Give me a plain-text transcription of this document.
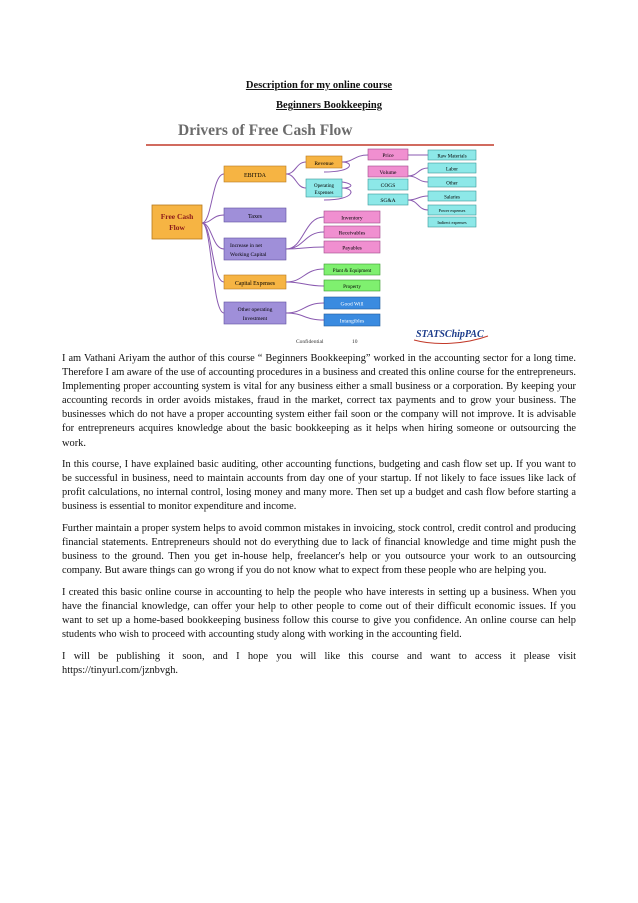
Description for my online course
Beginners Bookkeeping
Drivers of Free Cash Flow
Free Cash
Flow
EBITDA
Taxes
Increase in net
Working Capital
Capital Expenses
Other operating
Investment
Revenue
Operating
Expenses
Price
Volume
COGS
SG&A
Raw Materials
Labor
Other
Salaries
Power expenses
Indirect expenses
Inventory
Receivables
Payables
Plant & Equipment
Property
Good Will
Intangibles
Confidential	10
STATSChipPAC

I am Vathani Ariyam the author of this course “ Beginners Bookkeeping” worked in the accounting sector for a long time. Therefore I am aware of the use of accounting procedures in a business and created this online course for the entrepreneurs. Implementing proper accounting system is vital for any business either a small business or a corporation. By keeping your accounting records in order avoids mistakes, fraud in the market, correct tax payments and to grow your business. The businesses which do not have a proper accounting system either fail soon or the company will not improve. It is advisable for entrepreneurs acquires knowledge about the basic bookkeeping as it helps when hiring someone or outsourcing the work.

In this course, I have explained basic auditing, other accounting functions, budgeting and cash flow set up. If you want to be successful in business, need to maintain accounts from day one of your startup. If not likely to face issues like lack of profit calculations, no internal control, losing money and many more. Then set up a budget and cash flow before starting a business is essential to monitor expenditure and income.

Further maintain a proper system helps to avoid common mistakes in invoicing, stock control, credit control and producing financial statements. Entrepreneurs should not do everything due to lack of financial knowledge and time might push the business to the ground. Then you get in-house help, freelancer's help or you outsource your work to an outsourcing company. But aware things can go wrong if you do not know what to expect from these people who are helping you.

I created this basic online course in accounting to help the people who have interests in setting up a business. When you have the financial knowledge, can offer your help to other people to come out of their difficult economic issues. If you want to set up a home-based bookkeeping business follow this course to give you confidence. An online course can help students who wish to proceed with accounting study along with working in the accounting field.

I will be publishing it soon, and I hope you will like this course and want to access it please visit https://tinyurl.com/jznbvgh.
